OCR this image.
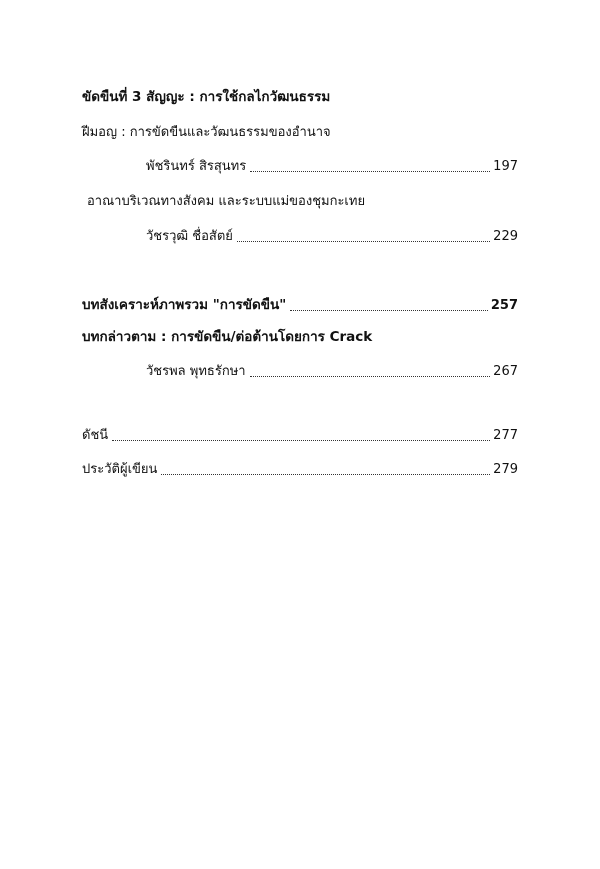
ขัดขืนที่ 3 สัญญะ : การใช้กลไกวัฒนธรรม
ฝีมอญ : การขัดขืนและวัฒนธรรมของอำนาจ
พัชรินทร์ สิรสุนทร	197
อาณาบริเวณทางสังคม และระบบแม่ของชุมกะเทย
วัชรวุฒิ ชื่อสัตย์	229
บทสังเคราะห์ภาพรวม "การขัดขืน"	257
บทกล่าวตาม : การขัดขืน/ต่อต้านโดยการ Crack
วัชรพล พุทธรักษา	267
ดัชนี	277
ประวัติผู้เขียน	279
